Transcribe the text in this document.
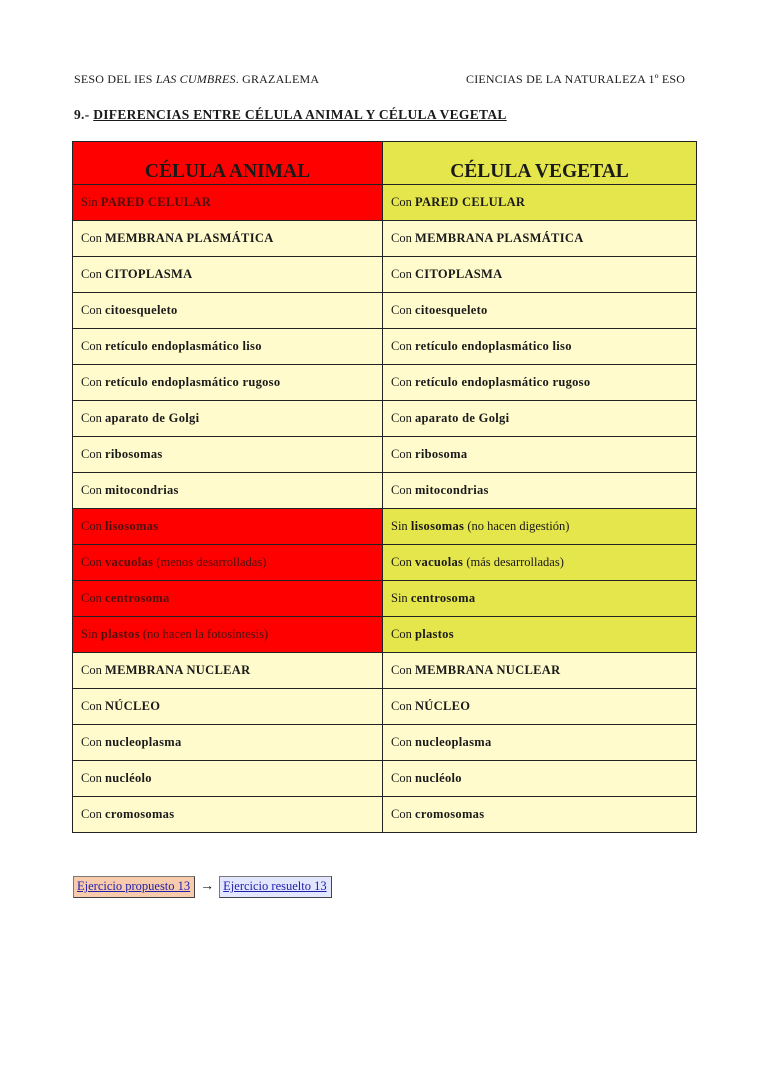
SESO DEL IES LAS CUMBRES. GRAZALEMA	CIENCIAS DE LA NATURALEZA 1º ESO
9.- DIFERENCIAS ENTRE CÉLULA ANIMAL Y CÉLULA VEGETAL
CÉLULA ANIMAL	CÉLULA VEGETAL
Sin PARED CELULAR	Con PARED CELULAR
Con MEMBRANA PLASMÁTICA	Con MEMBRANA PLASMÁTICA
Con CITOPLASMA	Con CITOPLASMA
Con citoesqueleto	Con citoesqueleto
Con retículo endoplasmático liso	Con retículo endoplasmático liso
Con retículo endoplasmático rugoso	Con retículo endoplasmático rugoso
Con aparato de Golgi	Con aparato de Golgi
Con ribosomas	Con ribosoma
Con mitocondrias	Con mitocondrias
Con lisosomas	Sin lisosomas (no hacen digestión)
Con vacuolas (menos desarrolladas)	Con vacuolas (más desarrolladas)
Con centrosoma	Sin centrosoma
Sin plastos (no hacen la fotosíntesis)	Con plastos
Con MEMBRANA NUCLEAR	Con MEMBRANA NUCLEAR
Con NÚCLEO	Con NÚCLEO
Con nucleoplasma	Con nucleoplasma
Con nucléolo	Con nucléolo
Con cromosomas	Con cromosomas
Ejercicio propuesto 13 → Ejercicio resuelto 13
